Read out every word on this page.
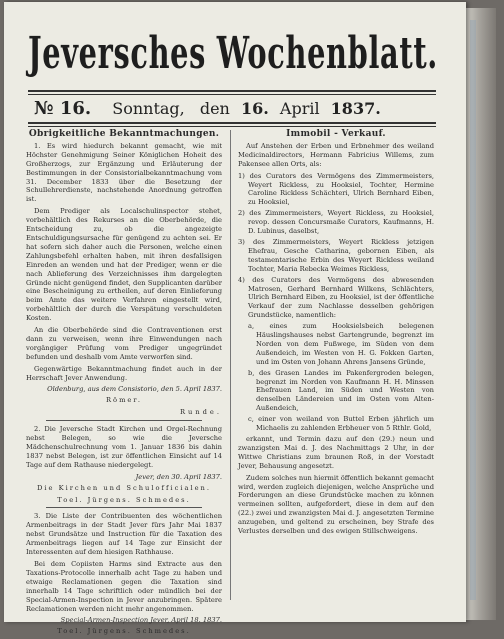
Jeversches Wochenblatt.
№ 16. Sonntag, den 16. April 1837.
Obrigkeitliche Bekanntmachungen.

1. Es wird hiedurch bekannt gemacht, wie mit Höchster Genehmigung Seiner Königlichen Hoheit des Großherzogs, zur Ergänzung und Erläuterung der Bestimmungen in der Consistorialbekanntmachung vom 31. December 1833 über die Besetzung der Schullehrerdienste, nachstehende Anordnung getroffen ist.

Dem Prediger als Localschulinspector stehet, vorbehältlich des Rekurses an die Oberbehörde, die Entscheidung zu, ob die angezeigte Entschuldigungsursache für genügend zu achten sei. Er hat sofern sich daher auch die Personen, welche einen Zahlungsbefehl erhalten haben, mit ihren desfallsigen Einreden an wenden und hat der Prediger, wenn er die nach Ablieferung des Verzeichnisses ihm dargelegten Gründe nicht genügend findet, den Supplicanten darüber eine Bescheinigung zu ertheilen, auf deren Einlieferung beim Amte das weitere Verfahren eingestellt wird, vorbehältlich der durch die Verspätung verschuldeten Kosten.

An die Oberbehörde sind die Contraventionen erst dann zu verweisen, wenn ihre Einwendungen nach vorgängiger Prüfung vom Prediger ungegründet befunden und deshalb vom Amte verworfen sind.

Gegenwärtige Bekanntmachung findet auch in der Herrschaft Jever Anwendung.

Oldenburg, aus dem Consistorio, den 5. April 1837.

Römer.

Runde.

2. Die Jeversche Stadt Kirchen und Orgel-Rechnung nebst Belegen, so wie die Jeversche Mädchenschulrechnung vom 1. Januar 1836 bis dahin 1837 nebst Belegen, ist zur öffentlichen Einsicht auf 14 Tage auf dem Rathause niedergelegt.

Jever, den 30. April 1837.

Die Kirchen und Schulofficialen.

Toel. Jürgens. Schmedes.

3. Die Liste der Contribuenten des wöchentlichen Armenbeitrags in der Stadt Jever fürs Jahr Mai 1837 nebst Grundsätze und Instruction für die Taxation des Armenbeitrags liegen auf 14 Tage zur Einsicht der Interessenten auf dem hiesigen Rathhause.

Bei dem Copiisten Harms sind Extracte aus den Taxations-Protocolle innerhalb acht Tage zu haben und etwaige Reclamationen gegen die Taxation sind innerhalb 14 Tage schriftlich oder mündlich bei der Special-Armen-Inspection in Jever anzubringen. Spätere Reclamationen werden nicht mehr angenommen.

Special-Armen-Inspection Jever, April 18. 1837.

Toel. Jürgens. Schmedes.

Immobil - Verkauf.

Auf Anstehen der Erben und Erbnehmer des weiland Medicinaldirectors, Hermann Fabricius Willems, zum Pakensee allen Orts, als:

1) des Curators des Vermögens des Zimmermeisters, Weyert Rickless, zu Hooksiel, Tochter, Hermine Caroline Rickless Schächteri, Ulrich Bernhard Eiben, zu Hooksiel,

2) des Zimmermeisters, Weyert Rickless, zu Hooksiel, revop. dessen Concursmaße Curators, Kaufmanns, H. D. Lubinus, daselbst,

3) des Zimmermeisters, Weyert Rickless jetzigen Ehefrau, Gesche Catharina, gebornen Eiben, als testamentarische Erbin des Weyert Rickless weiland Tochter, Maria Rebecka Weimes Rickless,

4) des Curators des Vermögens des abwesenden Matrosen, Gerhard Bernhard Wilkens, Schlächters, Ulrich Bernhard Eiben, zu Hooksiel, ist der öffentliche Verkauf der zum Nachlasse desselben gehörigen Grundstücke, namentlich:

a, eines zum Hooksielsbeich belegenen Häuslingshauses nebst Gartengrunde, begrenzt im Norden von dem Fußwege, im Süden von dem Außendeich, im Westen von H. G. Fokken Garten, und im Osten von Johann Ahrens Jansens Gründe,

b, des Grasen Landes im Pakenfergroden belegen, begrenzt im Norden von Kaufmann H. H. Minssen Ehefrauen Land, im Süden und Westen von denselben Ländereien und im Osten vom Alten-Außendeich,

c, einer von weiland von Buttel Erben jährlich um Michaelis zu zahlenden Erbheuer von 5 Rthlr. Gold,

erkannt, und Termin dazu auf den (29.) neun und zwanzigsten Mai d. J. des Nachmittags 2 Uhr, in der Wittwe Christians zum braunen Roß, in der Vorstadt Jever, Behausung angesetzt.

Zudem solches nun hiermit öffentlich bekannt gemacht wird, werden zugleich diejenigen, welche Ansprüche und Forderungen an diese Grundstücke machen zu können vermeinen sollten, aufgefordert, diese in dem auf den (22.) zwei und zwanzigsten Mai d. J. angesetzten Termine anzugeben, und geltend zu erscheinen, bey Strafe des Verlustes derselben und des ewigen Stillschweigens.
